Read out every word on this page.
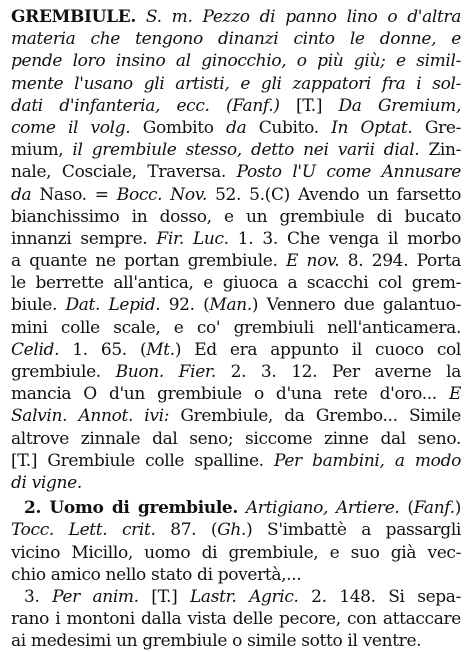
GREMBIULE. S. m. Pezzo di panno lino o d'altra
materia che tengono dinanzi cinto le donne, e
pende loro insino al ginocchio, o più giù; e simil-
mente l'usano gli artisti, e gli zappatori fra i sol-
dati d'infanteria, ecc. (Fanf.) [T.] Da Gremium,
come il volg. Gombito da Cubito. In Optat. Gre-
mium, il grembiule stesso, detto nei varii dial. Zin-
nale, Cosciale, Traversa. Posto l'U come Annusare
da Naso. = Bocc. Nov. 52. 5.(C) Avendo un farsetto
bianchissimo in dosso, e un grembiule di bucato
innanzi sempre. Fir. Luc. 1. 3. Che venga il morbo
a quante ne portan grembiule. E nov. 8. 294. Porta
le berrette all'antica, e giuoca a scacchi col grem-
biule. Dat. Lepid. 92. (Man.) Vennero due galantuo-
mini colle scale, e co' grembiuli nell'anticamera.
Celid. 1. 65. (Mt.) Ed era appunto il cuoco col
grembiule. Buon. Fier. 2. 3. 12. Per averne la
mancia O d'un grembiule o d'una rete d'oro... E
Salvin. Annot. ivi: Grembiule, da Grembo... Simile
altrove zinnale dal seno; siccome zinne dal seno.
[T.] Grembiule colle spalline. Per bambini, a modo
di vigne.
2. Uomo di grembiule. Artigiano, Artiere. (Fanf.)
Tocc. Lett. crit. 87. (Gh.) S'imbattè a passargli
vicino Micillo, uomo di grembiule, e suo già vec-
chio amico nello stato di povertà,...
3. Per anim. [T.] Lastr. Agric. 2. 148. Si sepa-
rano i montoni dalla vista delle pecore, con attaccare
ai medesimi un grembiule o simile sotto il ventre.
